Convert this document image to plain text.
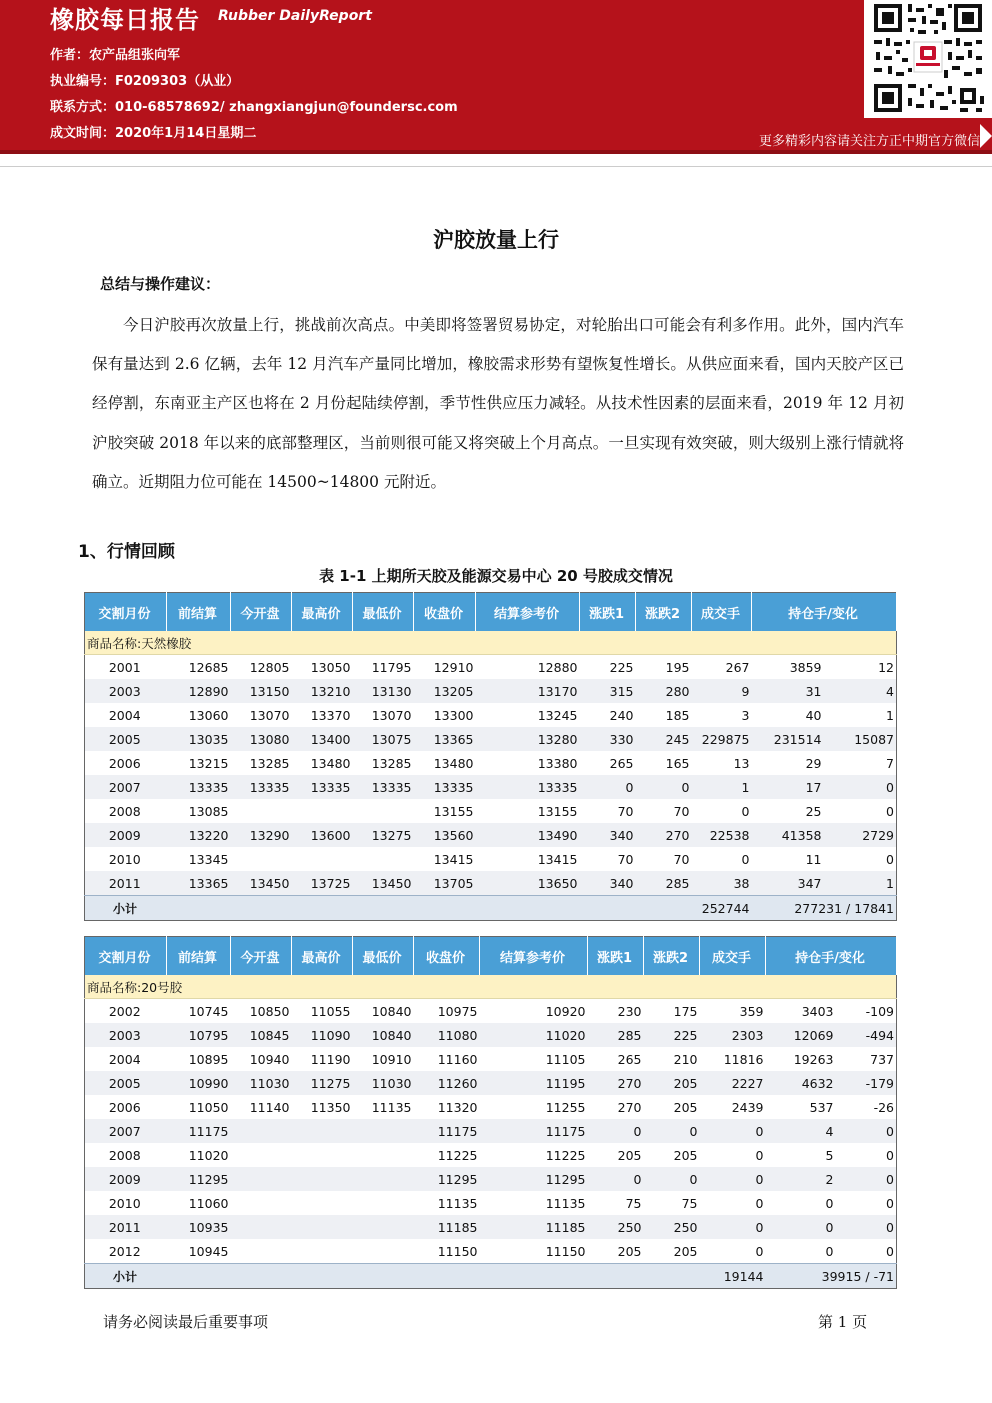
橡胶每日报告 Rubber DailyReport
作者：农产品组张向军
执业编号：F0209303（从业）
联系方式：010-68578692/ zhangxiangjun@foundersc.com
成文时间：2020年1月14日星期二
更多精彩内容请关注方正中期官方微信
沪胶放量上行
总结与操作建议：
今日沪胶再次放量上行，挑战前次高点。中美即将签署贸易协定，对轮胎出口可能会有利多作用。此外，国内汽车保有量达到 2.6 亿辆，去年 12 月汽车产量同比增加，橡胶需求形势有望恢复性增长。从供应面来看，国内天胶产区已经停割，东南亚主产区也将在 2 月份起陆续停割，季节性供应压力减轻。从技术性因素的层面来看，2019 年 12 月初沪胶突破 2018 年以来的底部整理区，当前则很可能又将突破上个月高点。一旦实现有效突破，则大级别上涨行情就将确立。近期阻力位可能在 14500~14800 元附近。
1、行情回顾
表 1-1 上期所天胶及能源交易中心 20 号胶成交情况
交割月份	前结算	今开盘	最高价	最低价	收盘价	结算参考价	涨跌1	涨跌2	成交手	持仓手/变化	
商品名称:天然橡胶											
2001	12685	12805	13050	11795	12910	12880	225	195	267	3859	12
2003	12890	13150	13210	13130	13205	13170	315	280	9	31	4
2004	13060	13070	13370	13070	13300	13245	240	185	3	40	1
2005	13035	13080	13400	13075	13365	13280	330	245	229875	231514	15087
2006	13215	13285	13480	13285	13480	13380	265	165	13	29	7
2007	13335	13335	13335	13335	13335	13335	0	0	1	17	0
2008	13085				13155	13155	70	70	0	25	0
2009	13220	13290	13600	13275	13560	13490	340	270	22538	41358	2729
2010	13345				13415	13415	70	70	0	11	0
2011	13365	13450	13725	13450	13705	13650	340	285	38	347	1
小计									252744	277231 / 17841	
交割月份	前结算	今开盘	最高价	最低价	收盘价	结算参考价	涨跌1	涨跌2	成交手	持仓手/变化	
商品名称:20号胶											
2002	10745	10850	11055	10840	10975	10920	230	175	359	3403	-109
2003	10795	10845	11090	10840	11080	11020	285	225	2303	12069	-494
2004	10895	10940	11190	10910	11160	11105	265	210	11816	19263	737
2005	10990	11030	11275	11030	11260	11195	270	205	2227	4632	-179
2006	11050	11140	11350	11135	11320	11255	270	205	2439	537	-26
2007	11175				11175	11175	0	0	0	4	0
2008	11020				11225	11225	205	205	0	5	0
2009	11295				11295	11295	0	0	0	2	0
2010	11060				11135	11135	75	75	0	0	0
2011	10935				11185	11185	250	250	0	0	0
2012	10945				11150	11150	205	205	0	0	0
小计									19144	39915 / -71	
请务必阅读最后重要事项	第 1 页
